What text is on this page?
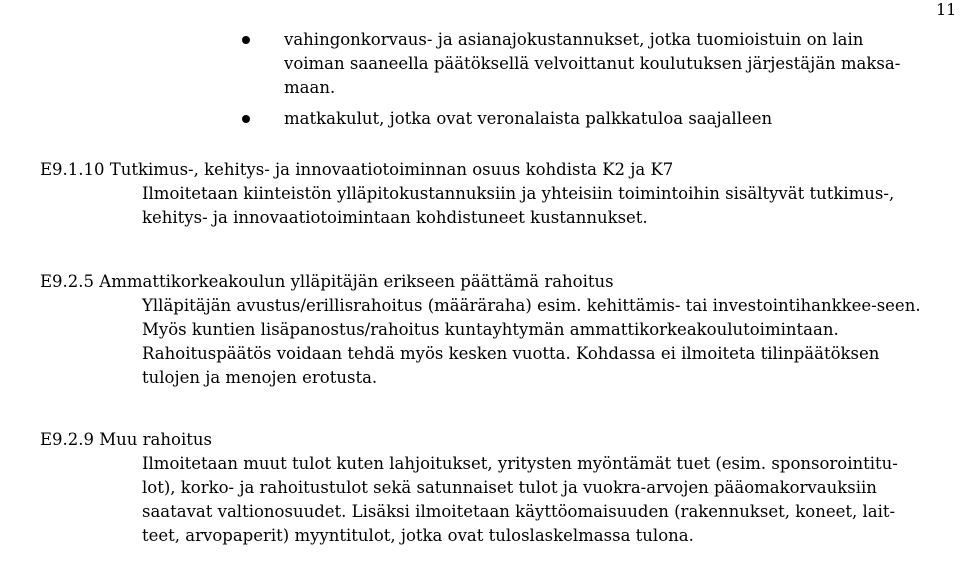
11
vahingonkorvaus- ja asianajokustannukset, jotka tuomioistuin on lain voiman saaneella päätöksellä velvoittanut koulutuksen järjestäjän maksa-maan.
matkakulut, jotka ovat veronalaista palkkatuloa saajalleen
E9.1.10 Tutkimus-, kehitys- ja innovaatiotoiminnan osuus kohdista K2 ja K7
Ilmoitetaan kiinteistön ylläpitokustannuksiin ja yhteisiin toimintoihin sisältyvät tutkimus-, kehitys- ja innovaatiotoimintaan kohdistuneet kustannukset.
E9.2.5 Ammattikorkeakoulun ylläpitäjän erikseen päättämä rahoitus
Ylläpitäjän avustus/erillisrahoitus (määräraha) esim. kehittämis- tai investointihankkee-seen. Myös kuntien lisäpanostus/rahoitus kuntayhtymän ammattikorkeakoulutoimintaan. Rahoituspäätös voidaan tehdä myös kesken vuotta. Kohdassa ei ilmoiteta tilinpäätöksen tulojen ja menojen erotusta.
E9.2.9 Muu rahoitus
Ilmoitetaan muut tulot kuten lahjoitukset, yritysten myöntämät tuet (esim. sponsorointitu-lot), korko- ja rahoitustulot sekä satunnaiset tulot ja vuokra-arvojen pääomakorvauksiin saatavat valtionosuudet. Lisäksi ilmoitetaan käyttöomaisuuden (rakennukset, koneet, lait-teet, arvopaperit) myyntitulot, jotka ovat tuloslaskelmassa tulona.
